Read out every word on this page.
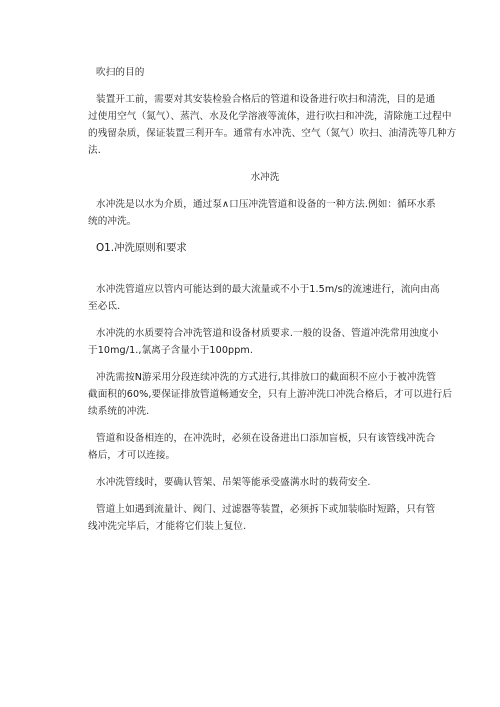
吹扫的目的
装置开工前，需要对其安装检验合格后的管道和设备进行吹扫和清洗，目的是通
过使用空气（氮气）、蒸汽、水及化学溶液等流体，进行吹扫和冲洗，清除施工过程中
的残留杂质，保证装置三利开车。通常有水冲洗、空气（氮气）吹扫、油清洗等几种方
法.
水冲洗
水冲洗是以水为介质，通过泵∧口压冲洗管道和设备的一种方法.例如：循环水系
统的冲洗。
O1.冲洗原则和要求
水冲洗管道应以管内可能达到的最大流量或不小于1.5m∕s的流速进行，流向由高
至必氐.
水冲洗的水质要符合冲洗管道和设备材质要求.一般的设备、管道冲洗常用浊度小
于10mg∕1.,氯离子含量小于100ppm.
冲洗需按N游采用分段连续冲洗的方式进行,其排放口的截面积不应小于被冲洗管
截面积的60%,要保证排放管道畅通安全，只有上游冲洗口冲洗合格后，才可以进行后
续系统的冲洗.
管道和设备相连的，在冲洗时，必须在设备进出口添加盲板，只有该管线冲洗合
格后，才可以连接。
水冲洗管线时，要确认管架、吊架等能承受盛满水时的载荷安全.
管道上如遇到流量计、阀门、过滤器等装置，必须拆下或加装临时短路，只有管
线冲洗完毕后，才能将它们装上复位.
